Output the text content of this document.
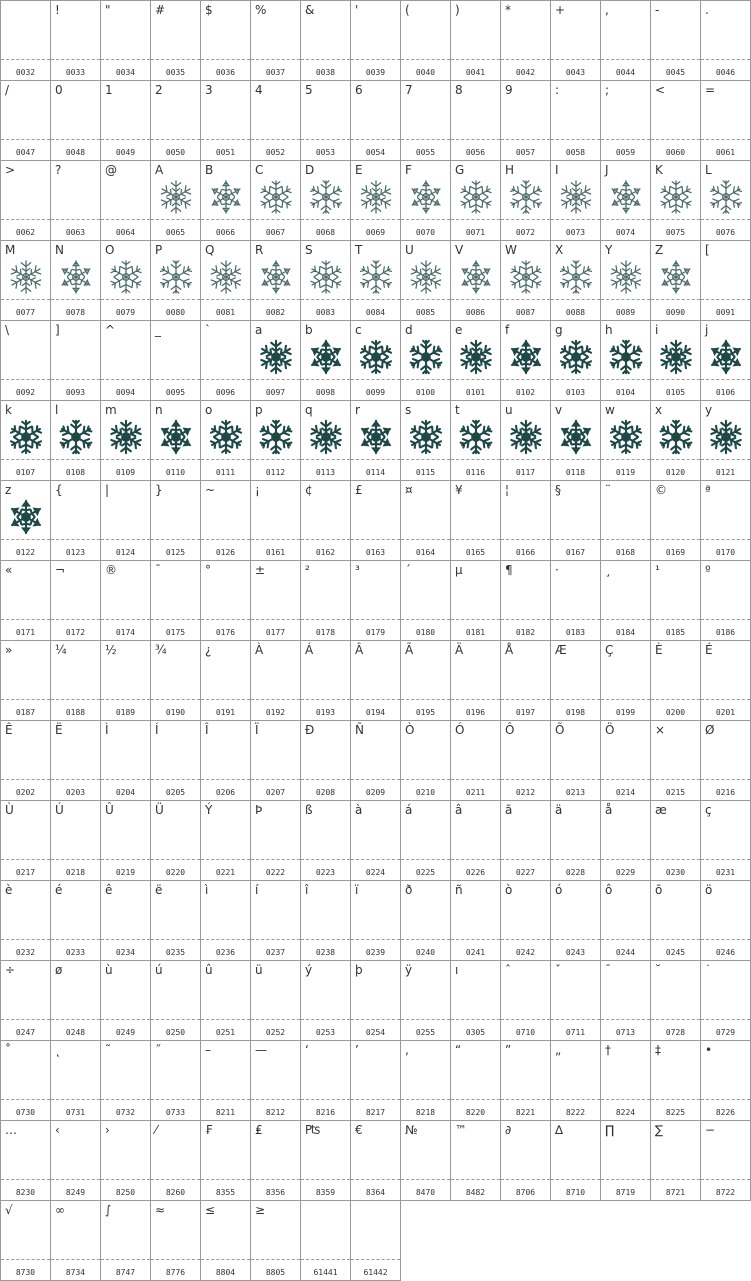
0032
!
0033
"
0034
#
0035
$
0036
%
0037
&
0038
'
0039
(
0040
)
0041
*
0042
+
0043
,
0044
-
0045
.
0046
/
0047
0
0048
1
0049
2
0050
3
0051
4
0052
5
0053
6
0054
7
0055
8
0056
9
0057
:
0058
;
0059
<
0060
=
0061
>
0062
?
0063
@
0064
A
0065
B
0066
C
0067
D
0068
E
0069
F
0070
G
0071
H
0072
I
0073
J
0074
K
0075
L
0076
M
0077
N
0078
O
0079
P
0080
Q
0081
R
0082
S
0083
T
0084
U
0085
V
0086
W
0087
X
0088
Y
0089
Z
0090
[
0091
\
0092
]
0093
^
0094
_
0095
`
0096
a
0097
b
0098
c
0099
d
0100
e
0101
f
0102
g
0103
h
0104
i
0105
j
0106
k
0107
l
0108
m
0109
n
0110
o
0111
p
0112
q
0113
r
0114
s
0115
t
0116
u
0117
v
0118
w
0119
x
0120
y
0121
z
0122
{
0123
|
0124
}
0125
~
0126
¡
0161
¢
0162
£
0163
¤
0164
¥
0165
¦
0166
§
0167
¨
0168
©
0169
ª
0170
«
0171
¬
0172
®
0174
¯
0175
°
0176
±
0177
²
0178
³
0179
´
0180
µ
0181
¶
0182
·
0183
¸
0184
¹
0185
º
0186
»
0187
¼
0188
½
0189
¾
0190
¿
0191
À
0192
Á
0193
Â
0194
Ã
0195
Ä
0196
Å
0197
Æ
0198
Ç
0199
È
0200
É
0201
Ê
0202
Ë
0203
Ì
0204
Í
0205
Î
0206
Ï
0207
Ð
0208
Ñ
0209
Ò
0210
Ó
0211
Ô
0212
Õ
0213
Ö
0214
×
0215
Ø
0216
Ù
0217
Ú
0218
Û
0219
Ü
0220
Ý
0221
Þ
0222
ß
0223
à
0224
á
0225
â
0226
ã
0227
ä
0228
å
0229
æ
0230
ç
0231
è
0232
é
0233
ê
0234
ë
0235
ì
0236
í
0237
î
0238
ï
0239
ð
0240
ñ
0241
ò
0242
ó
0243
ô
0244
õ
0245
ö
0246
÷
0247
ø
0248
ù
0249
ú
0250
û
0251
ü
0252
ý
0253
þ
0254
ÿ
0255
ı
0305
ˆ
0710
ˇ
0711
ˉ
0713
˘
0728
˙
0729
˚
0730
˛
0731
˜
0732
˝
0733
–
8211
—
8212
‘
8216
’
8217
‚
8218
“
8220
”
8221
„
8222
†
8224
‡
8225
•
8226
…
8230
‹
8249
›
8250
⁄
8260
₣
8355
₤
8356
₧
8359
€
8364
№
8470
™
8482
∂
8706
∆
8710
∏
8719
∑
8721
−
8722
√
8730
∞
8734
∫
8747
≈
8776
≤
8804
≥
8805	61441	61442
